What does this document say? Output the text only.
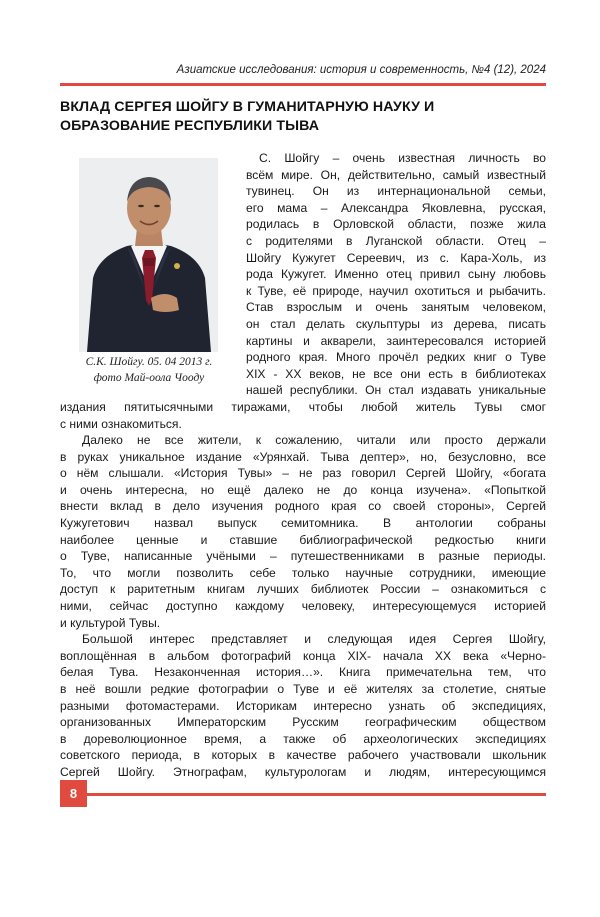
Азиатские исследования: история и современность, №4 (12), 2024
ВКЛАД СЕРГЕЯ ШОЙГУ В ГУМАНИТАРНУЮ НАУКУ И
ОБРАЗОВАНИЕ РЕСПУБЛИКИ ТЫВА
С.К. Шойгу. 05. 04 2013 г.
фото Май-оола Чооду
С. Шойгу – очень известная личность во
всём мире. Он, действительно, самый известный
тувинец. Он из интернациональной семьи,
его мама – Александра Яковлевна, русская,
родилась в Орловской области, позже жила
с родителями в Луганской области. Отец –
Шойгу Кужугет Сереевич, из с. Кара-Холь, из
рода Кужугет. Именно отец привил сыну любовь
к Туве, её природе, научил охотиться и рыбачить.
Став взрослым и очень занятым человеком,
он стал делать скульптуры из дерева, писать
картины и акварели, заинтересовался историей
родного края. Много прочёл редких книг о Туве
XIX - XX веков, не все они есть в библиотеках
нашей республики. Он стал издавать уникальные
издания пятитысячными тиражами, чтобы любой житель Тувы смог
с ними ознакомиться.
Далеко не все жители, к сожалению, читали или просто держали
в руках уникальное издание «Урянхай. Тыва дептер», но, безусловно, все
о нём слышали. «История Тувы» – не раз говорил Сергей Шойгу, «богата
и очень интересна, но ещё далеко не до конца изучена». «Попыткой
внести вклад в дело изучения родного края со своей стороны», Сергей
Кужугетович назвал выпуск семитомника. В антологии собраны
наиболее ценные и ставшие библиографической редкостью книги
о Туве, написанные учёными – путешественниками в разные периоды.
То, что могли позволить себе только научные сотрудники, имеющие
доступ к раритетным книгам лучших библиотек России – ознакомиться с
ними, сейчас доступно каждому человеку, интересующемуся историей
и культурой Тувы.
Большой интерес представляет и следующая идея Сергея Шойгу,
воплощённая в альбом фотографий конца XIX- начала XX века «Черно-
белая Тува. Незаконченная история…». Книга примечательна тем, что
в неё вошли редкие фотографии о Туве и её жителях за столетие, снятые
разными фотомастерами. Историкам интересно узнать об экспедициях,
организованных Императорским Русским географическим обществом
в дореволюционное время, а также об археологических экспедициях
советского периода, в которых в качестве рабочего участвовали школьник
Сергей Шойгу. Этнографам, культурологам и людям, интересующимся
8
